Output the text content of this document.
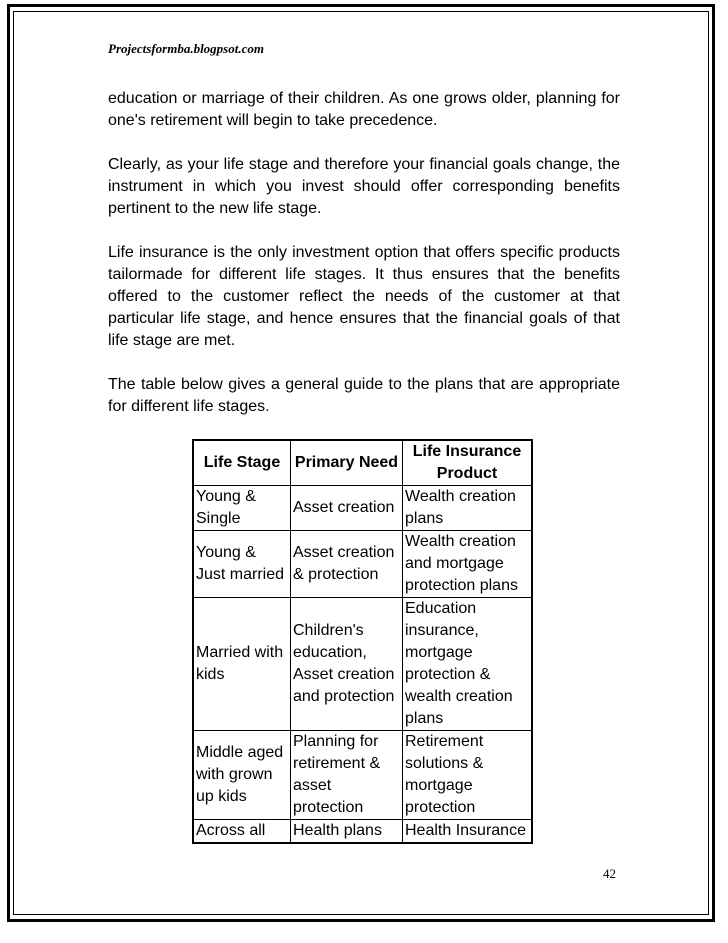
Projectsformba.blogpsot.com

education or marriage of their children. As one grows older, planning for one's retirement will begin to take precedence.

Clearly, as your life stage and therefore your financial goals change, the instrument in which you invest should offer corresponding benefits pertinent to the new life stage.

Life insurance is the only investment option that offers specific products tailormade for different life stages. It thus ensures that the benefits offered to the customer reflect the needs of the customer at that particular life stage, and hence ensures that the financial goals of that life stage are met.

The table below gives a general guide to the plans that are appropriate for different life stages.

Life Stage	Primary Need	Life Insurance Product
Young & Single	Asset creation	Wealth creation plans
Young & Just married	Asset creation & protection	Wealth creation and mortgage protection plans
Married with kids	Children's education, Asset creation and protection	Education insurance, mortgage protection & wealth creation plans
Middle aged with grown up kids	Planning for retirement & asset protection	Retirement solutions & mortgage protection
Across all	Health plans	Health Insurance
42
